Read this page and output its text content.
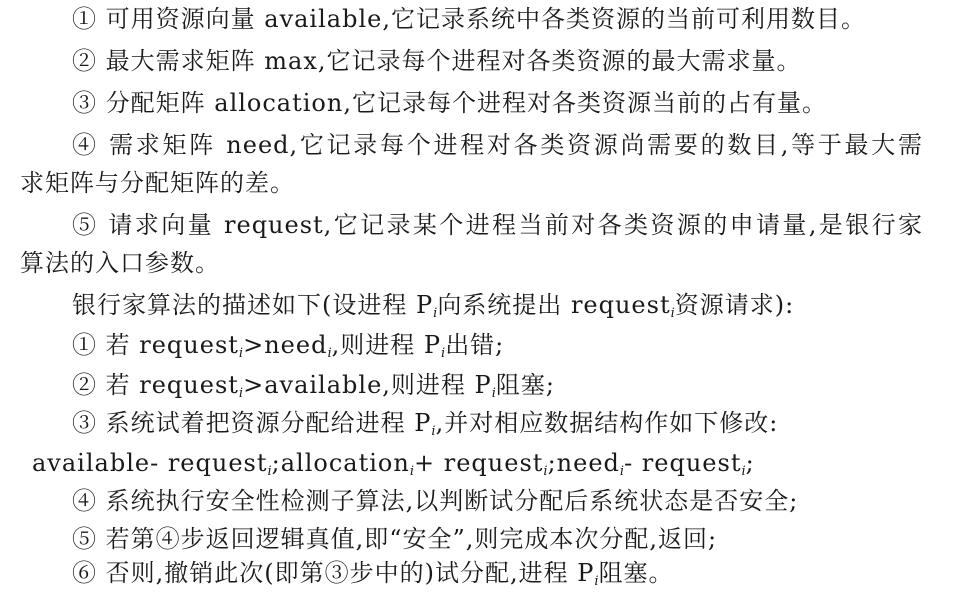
① 可用资源向量 available,它记录系统中各类资源的当前可利用数目。
② 最大需求矩阵 max,它记录每个进程对各类资源的最大需求量。
③ 分配矩阵 allocation,它记录每个进程对各类资源当前的占有量。
④ 需求矩阵 need,它记录每个进程对各类资源尚需要的数目,等于最大需
求矩阵与分配矩阵的差。
⑤ 请求向量 request,它记录某个进程当前对各类资源的申请量,是银行家
算法的入口参数。
银行家算法的描述如下(设进程 $P_i$向系统提出 request$_i$资源请求):
① 若 request$_i$>need$_i$,则进程 $P_i$出错;
② 若 request$_i$>available,则进程 $P_i$阻塞;
③ 系统试着把资源分配给进程 $P_i$,并对相应数据结构作如下修改:
available- request$_i$;allocation$_i$+ request$_i$;need$_i$- request$_i$;
④ 系统执行安全性检测子算法,以判断试分配后系统状态是否安全;
⑤ 若第④步返回逻辑真值,即“安全”,则完成本次分配,返回;
⑥ 否则,撤销此次(即第③步中的)试分配,进程 $P_i$阻塞。
